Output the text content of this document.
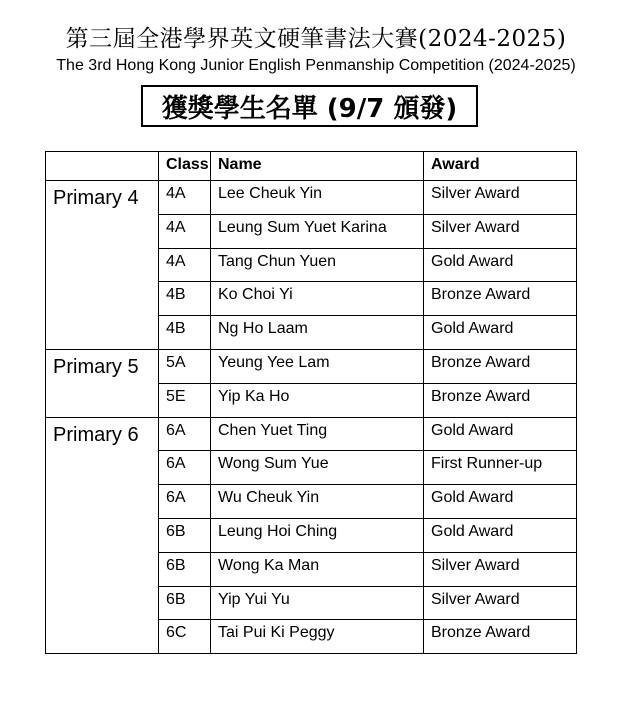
第三屆全港學界英文硬筆書法大賽(2024-2025)
The 3rd Hong Kong Junior English Penmanship Competition (2024-2025)
獲獎學生名單 (9/7 頒發)
	Class	Name	Award
Primary 4	4A	Lee Cheuk Yin	Silver Award
	4A	Leung Sum Yuet Karina	Silver Award
	4A	Tang Chun Yuen	Gold Award
	4B	Ko Choi Yi	Bronze Award
	4B	Ng Ho Laam	Gold Award
Primary 5	5A	Yeung Yee Lam	Bronze Award
	5E	Yip Ka Ho	Bronze Award
Primary 6	6A	Chen Yuet Ting	Gold Award
	6A	Wong Sum Yue	First Runner-up
	6A	Wu Cheuk Yin	Gold Award
	6B	Leung Hoi Ching	Gold Award
	6B	Wong Ka Man	Silver Award
	6B	Yip Yui Yu	Silver Award
	6C	Tai Pui Ki Peggy	Bronze Award
